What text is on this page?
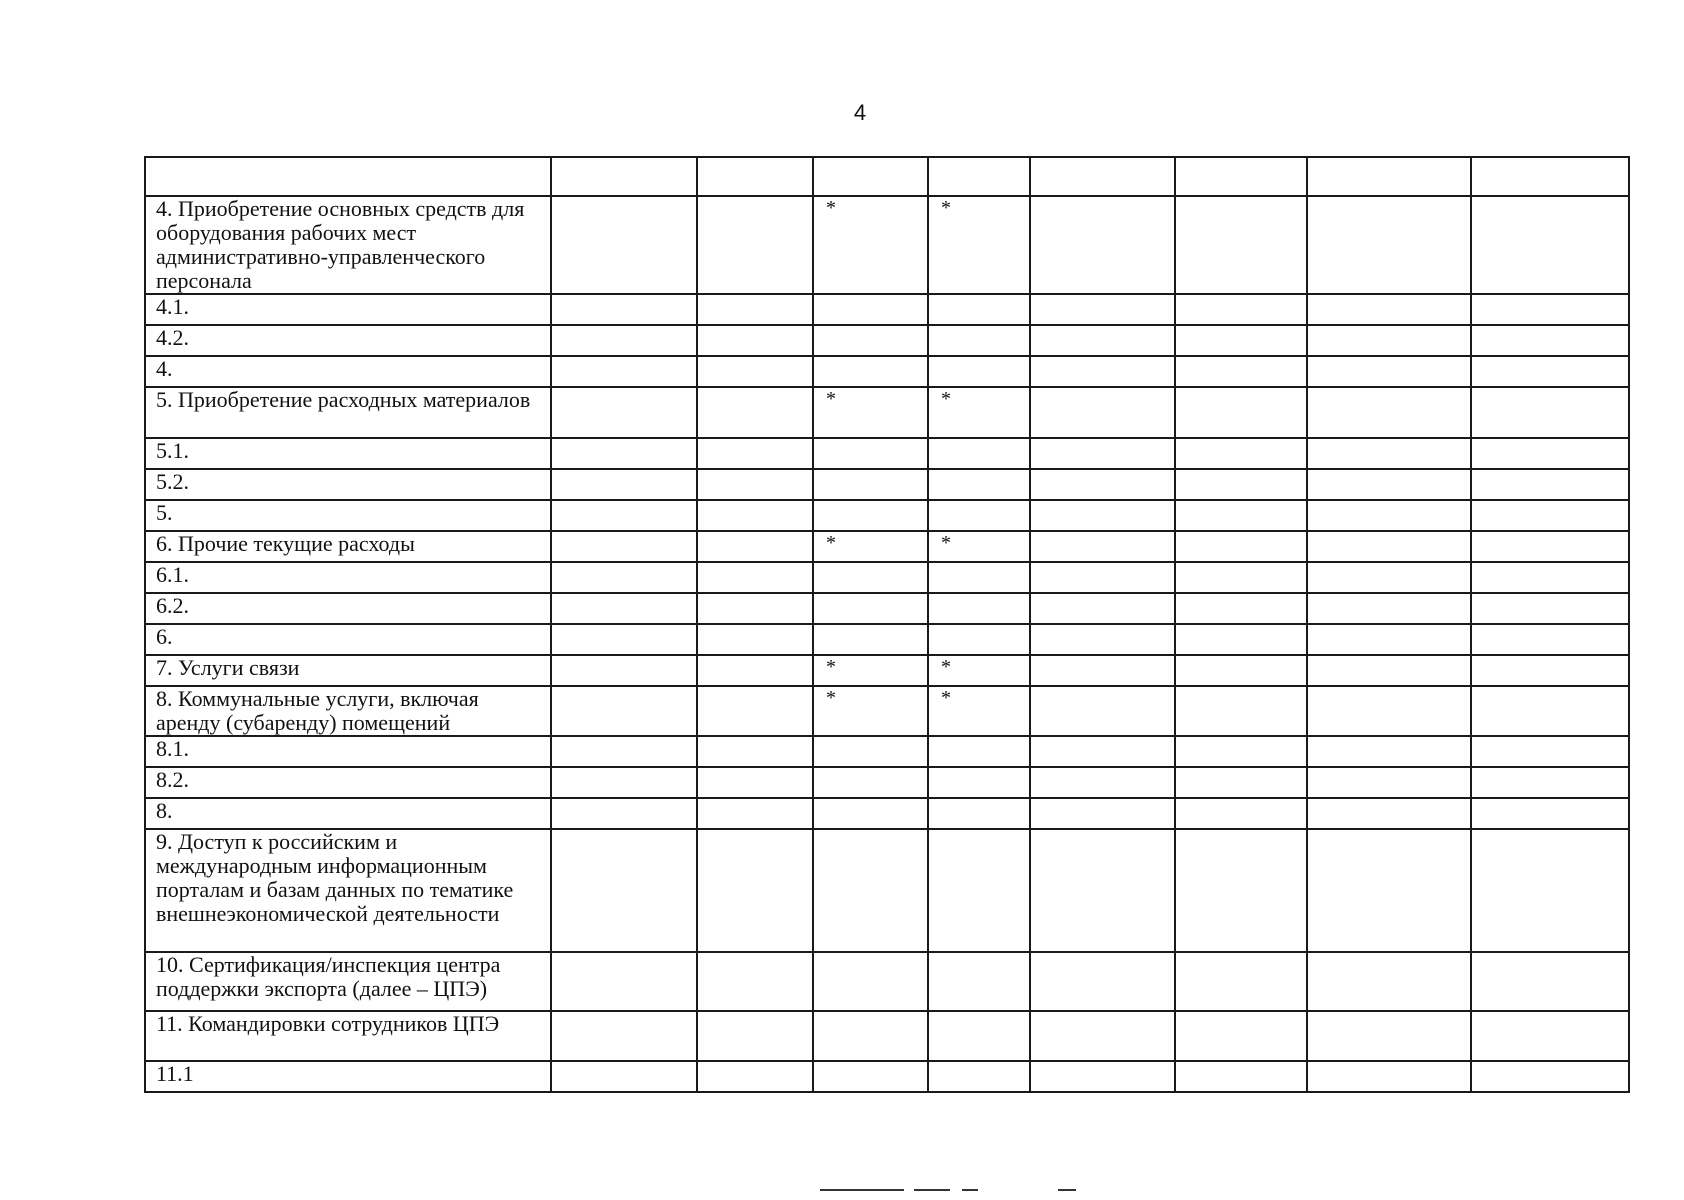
4

4. Приобретение основных средств для оборудования рабочих мест административно-управленческого персонала			*	*				
4.1.								
4.2.								
4.								
5. Приобретение расходных материалов			*	*				
5.1.								
5.2.								
5.								
6. Прочие текущие расходы			*	*				
6.1.								
6.2.								
6.								
7. Услуги связи			*	*				
8. Коммунальные услуги, включая аренду (субаренду) помещений			*	*				
8.1.								
8.2.								
8.								
9. Доступ к российским и международным информационным порталам и базам данных по тематике внешнеэкономической деятельности								
10. Сертификация/инспекция центра поддержки экспорта (далее – ЦПЭ)								
11. Командировки сотрудников ЦПЭ								
11.1								
